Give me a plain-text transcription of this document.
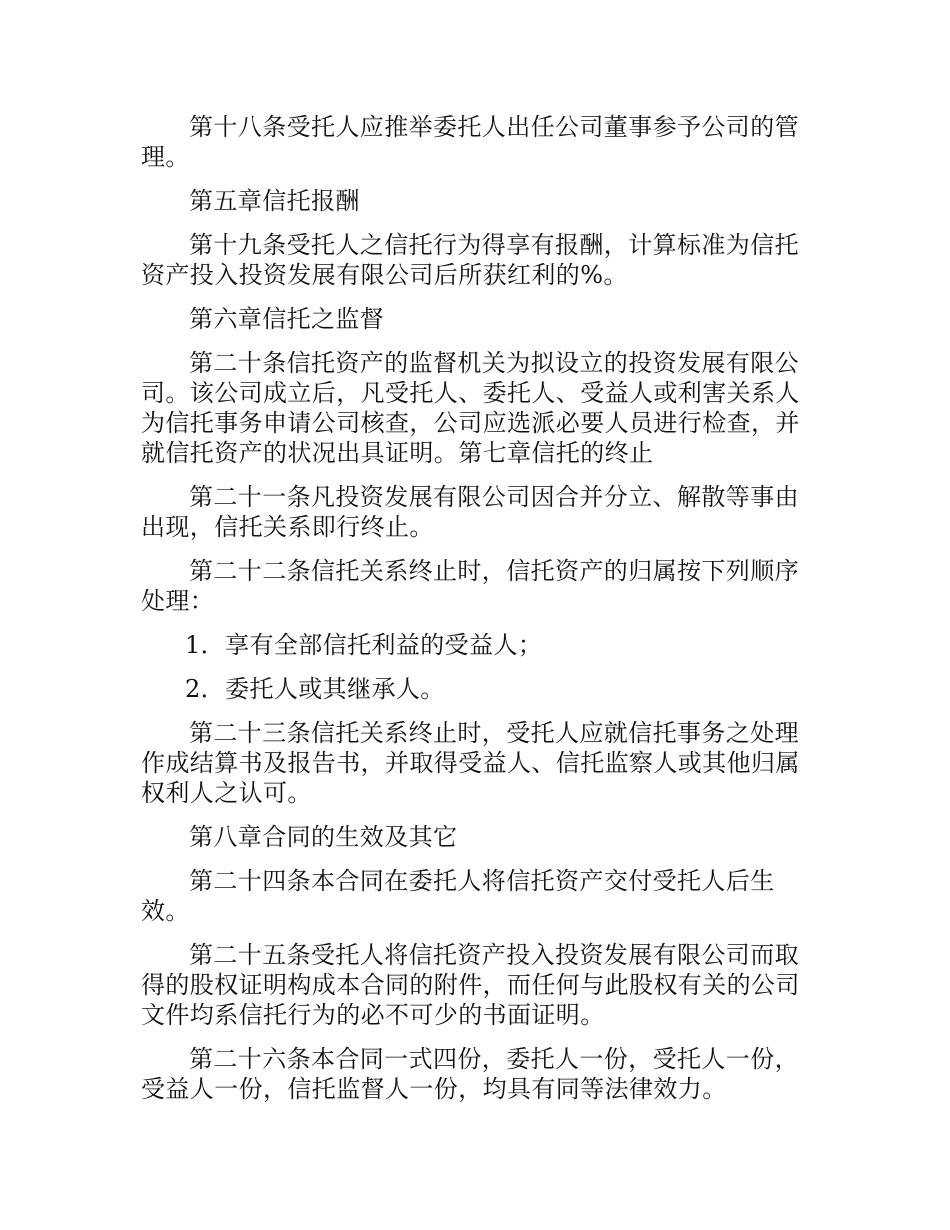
第十八条受托人应推举委托人出任公司董事参予公司的管理。

第五章信托报酬

第十九条受托人之信托行为得享有报酬，计算标准为信托资产投入投资发展有限公司后所获红利的%。

第六章信托之监督

第二十条信托资产的监督机关为拟设立的投资发展有限公司。该公司成立后，凡受托人、委托人、受益人或利害关系人为信托事务申请公司核查，公司应选派必要人员进行检查，并就信托资产的状况出具证明。第七章信托的终止

第二十一条凡投资发展有限公司因合并分立、解散等事由出现，信托关系即行终止。

第二十二条信托关系终止时，信托资产的归属按下列顺序处理：

1．享有全部信托利益的受益人；

2．委托人或其继承人。

第二十三条信托关系终止时，受托人应就信托事务之处理作成结算书及报告书，并取得受益人、信托监察人或其他归属权利人之认可。

第八章合同的生效及其它

第二十四条本合同在委托人将信托资产交付受托人后生效。

第二十五条受托人将信托资产投入投资发展有限公司而取得的股权证明构成本合同的附件，而任何与此股权有关的公司文件均系信托行为的必不可少的书面证明。

第二十六条本合同一式四份，委托人一份，受托人一份，受益人一份，信托监督人一份，均具有同等法律效力。
